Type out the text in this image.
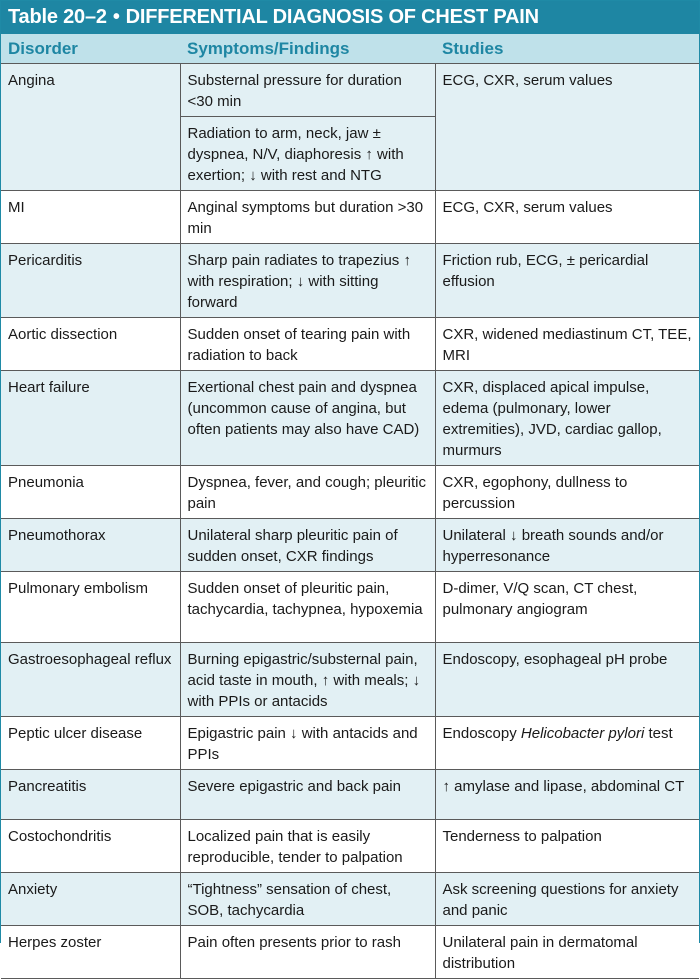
Table 20–2 • DIFFERENTIAL DIAGNOSIS OF CHEST PAIN
Disorder	Symptoms/Findings	Studies
Angina	Substernal pressure for duration <30 min	ECG, CXR, serum values
	Radiation to arm, neck, jaw ± dyspnea, N/V, diaphoresis ↑ with exertion; ↓ with rest and NTG	
MI	Anginal symptoms but duration >30 min	ECG, CXR, serum values
Pericarditis	Sharp pain radiates to trapezius ↑ with respiration; ↓ with sitting forward	Friction rub, ECG, ± pericardial effusion
Aortic dissection	Sudden onset of tearing pain with radiation to back	CXR, widened mediastinum CT, TEE, MRI
Heart failure	Exertional chest pain and dyspnea (uncommon cause of angina, but often patients may also have CAD)	CXR, displaced apical impulse, edema (pulmonary, lower extremities), JVD, cardiac gallop, murmurs
Pneumonia	Dyspnea, fever, and cough; pleuritic pain	CXR, egophony, dullness to percussion
Pneumothorax	Unilateral sharp pleuritic pain of sudden onset, CXR findings	Unilateral ↓ breath sounds and/or hyperresonance
Pulmonary embolism	Sudden onset of pleuritic pain, tachycardia, tachypnea, hypoxemia	D-dimer, V/Q scan, CT chest, pulmonary angiogram
Gastroesophageal reflux	Burning epigastric/substernal pain, acid taste in mouth, ↑ with meals; ↓ with PPIs or antacids	Endoscopy, esophageal pH probe
Peptic ulcer disease	Epigastric pain ↓ with antacids and PPIs	Endoscopy Helicobacter pylori test
Pancreatitis	Severe epigastric and back pain	↑ amylase and lipase, abdominal CT
Costochondritis	Localized pain that is easily reproducible, tender to palpation	Tenderness to palpation
Anxiety	“Tightness” sensation of chest, SOB, tachycardia	Ask screening questions for anxiety and panic
Herpes zoster	Pain often presents prior to rash	Unilateral pain in dermatomal distribution
